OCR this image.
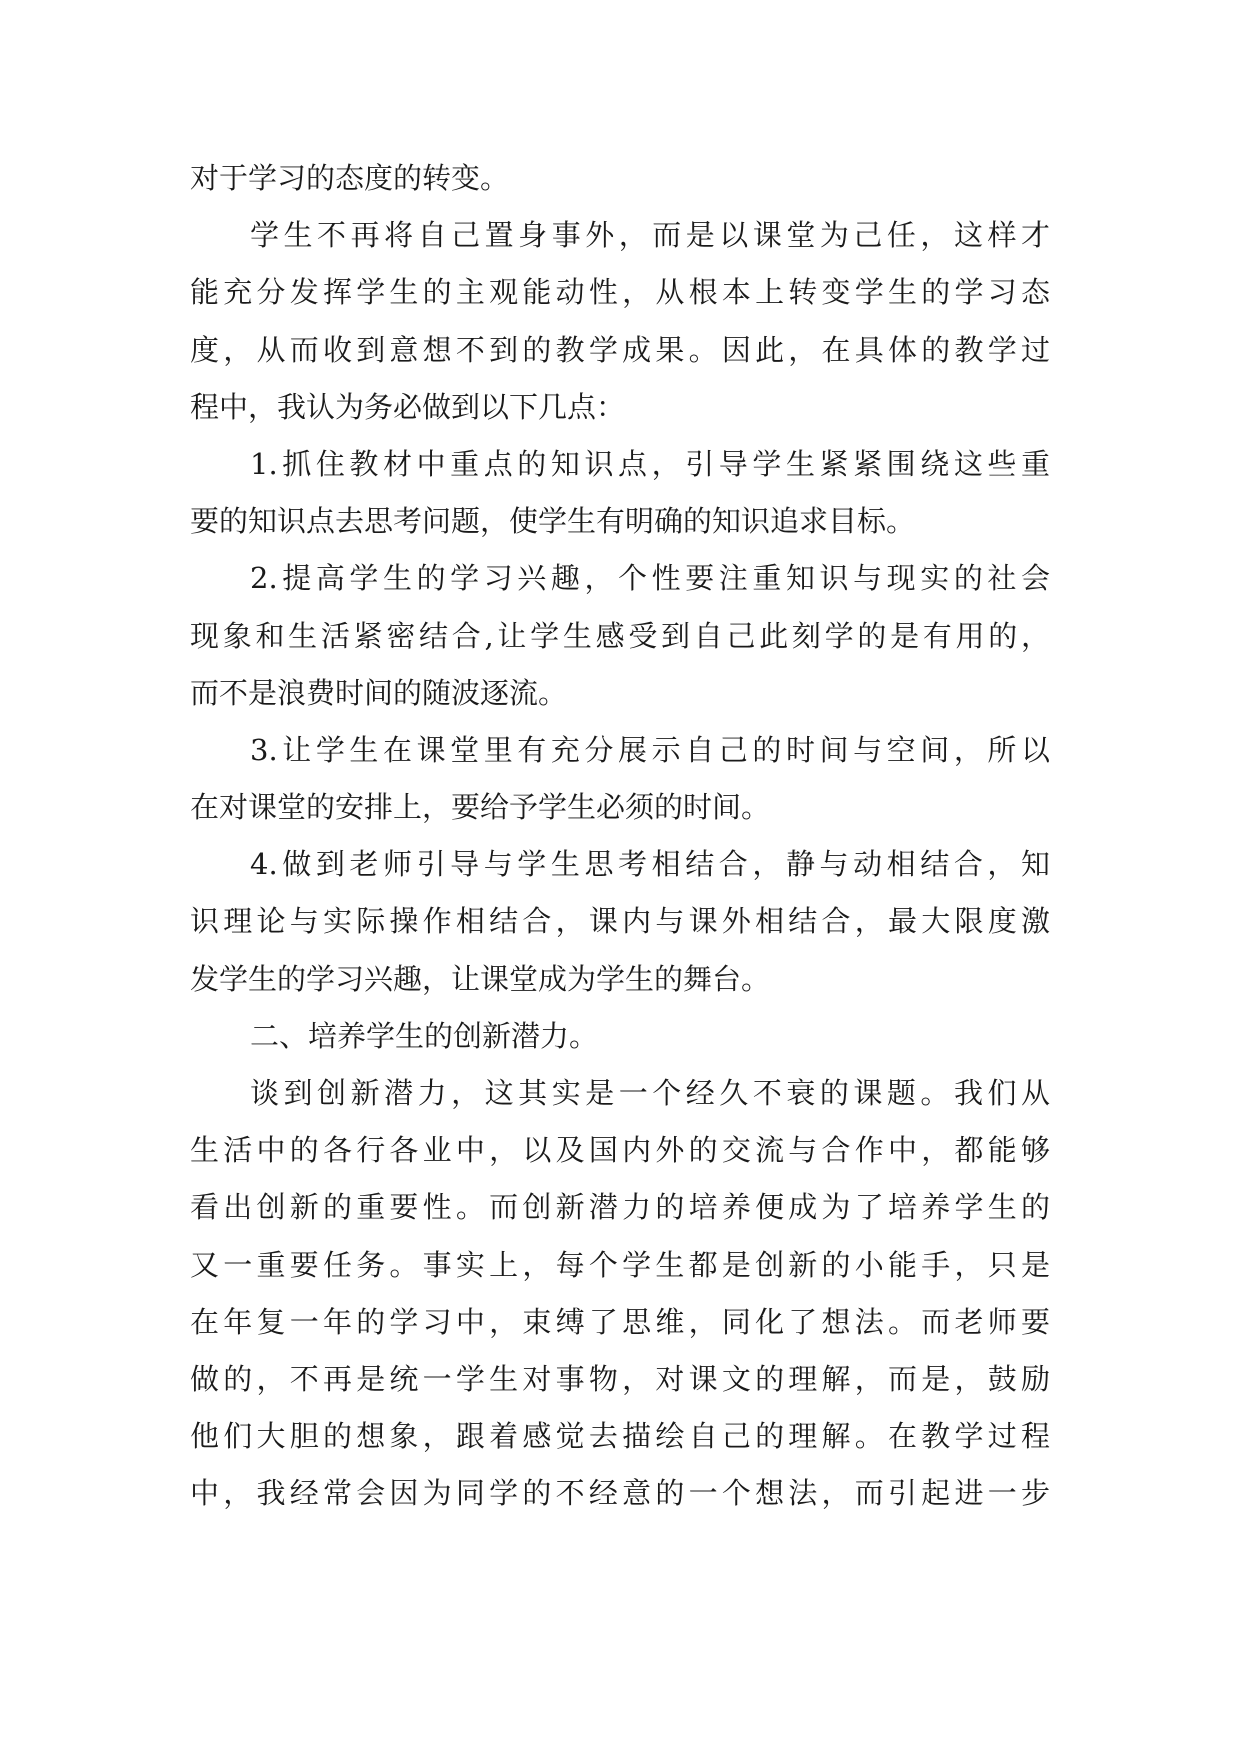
对于学习的态度的转变。
学生不再将自己置身事外，而是以课堂为己任，这样才
能充分发挥学生的主观能动性，从根本上转变学生的学习态
度，从而收到意想不到的教学成果。因此，在具体的教学过
程中，我认为务必做到以下几点：
1.抓住教材中重点的知识点，引导学生紧紧围绕这些重
要的知识点去思考问题，使学生有明确的知识追求目标。
2.提高学生的学习兴趣，个性要注重知识与现实的社会
现象和生活紧密结合,让学生感受到自己此刻学的是有用的，
而不是浪费时间的随波逐流。
3.让学生在课堂里有充分展示自己的时间与空间，所以
在对课堂的安排上，要给予学生必须的时间。
4.做到老师引导与学生思考相结合，静与动相结合，知
识理论与实际操作相结合，课内与课外相结合，最大限度激
发学生的学习兴趣，让课堂成为学生的舞台。
二、培养学生的创新潜力。
谈到创新潜力，这其实是一个经久不衰的课题。我们从
生活中的各行各业中，以及国内外的交流与合作中，都能够
看出创新的重要性。而创新潜力的培养便成为了培养学生的
又一重要任务。事实上，每个学生都是创新的小能手，只是
在年复一年的学习中，束缚了思维，同化了想法。而老师要
做的，不再是统一学生对事物，对课文的理解，而是，鼓励
他们大胆的想象，跟着感觉去描绘自己的理解。在教学过程
中，我经常会因为同学的不经意的一个想法，而引起进一步
